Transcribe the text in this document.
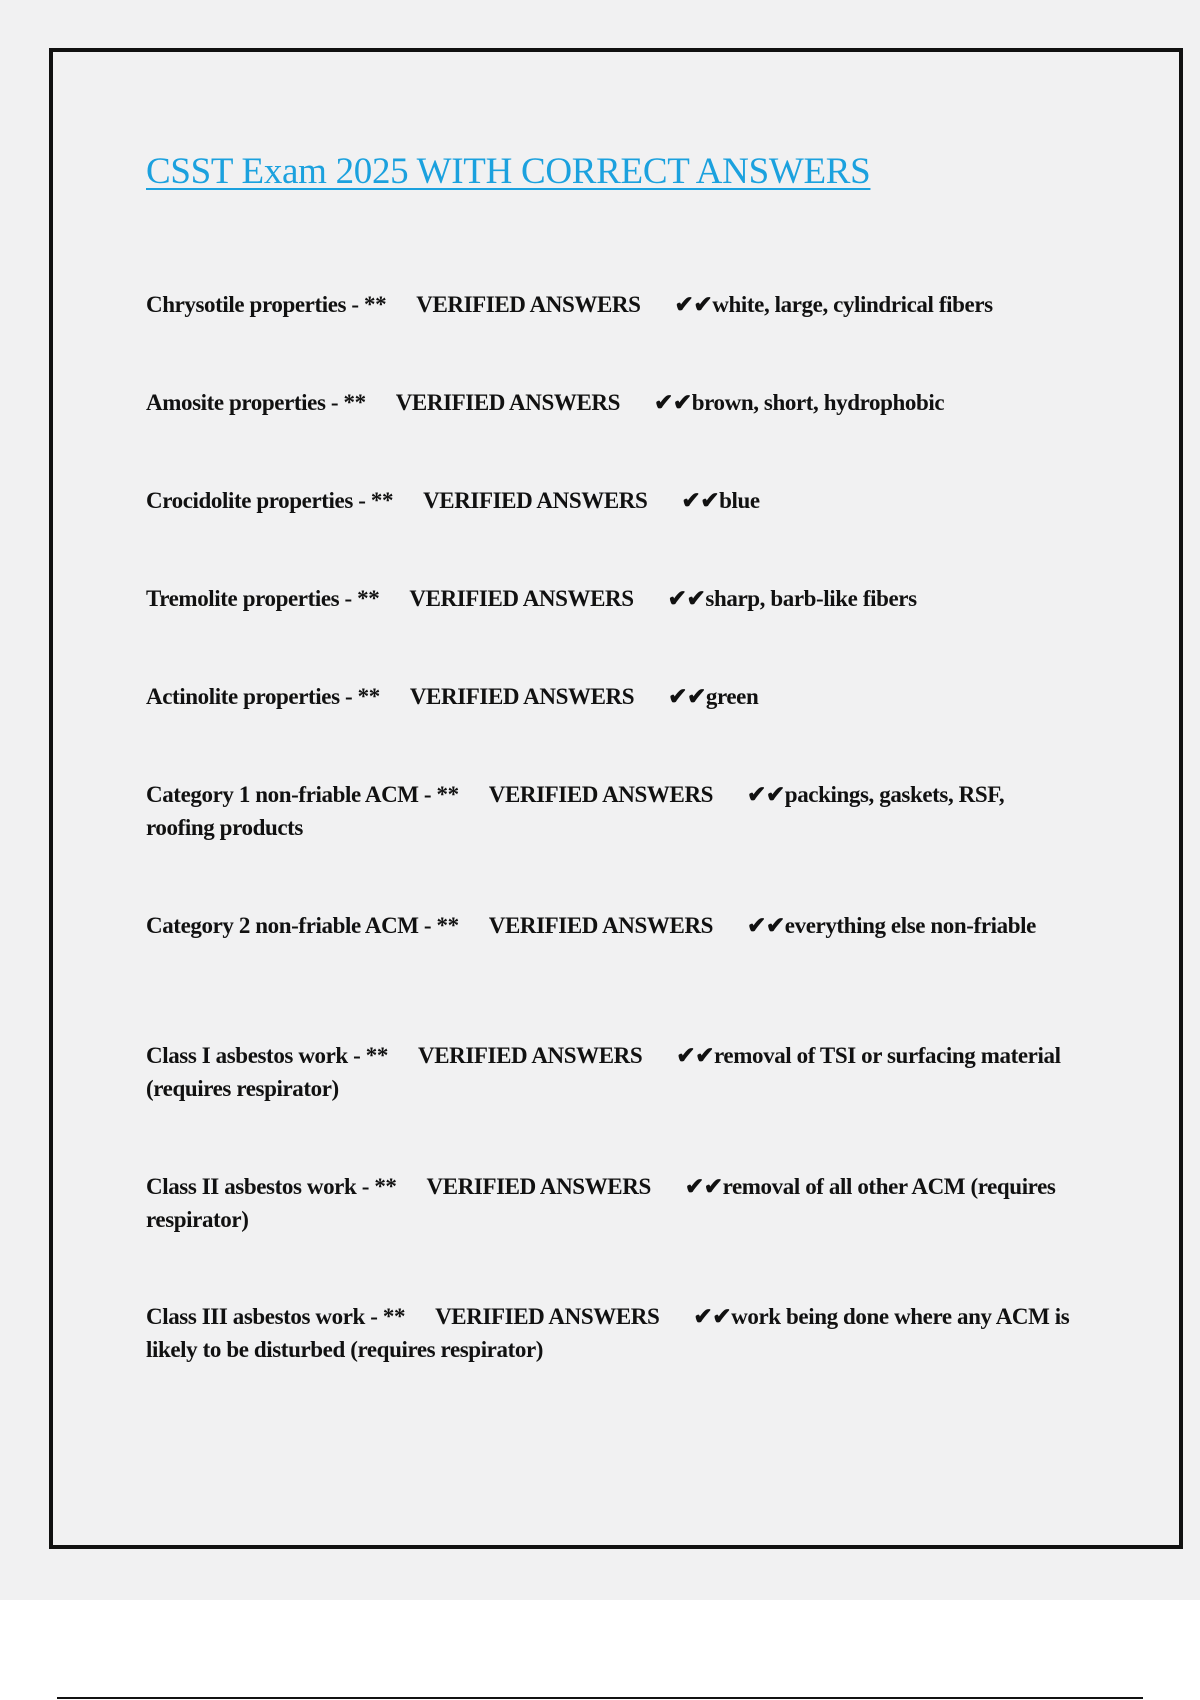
CSST Exam 2025 WITH CORRECT ANSWERS
Chrysotile properties - ** VERIFIED ANSWERS ✔✔white, large, cylindrical fibers
Amosite properties - ** VERIFIED ANSWERS ✔✔brown, short, hydrophobic
Crocidolite properties - ** VERIFIED ANSWERS ✔✔blue
Tremolite properties - ** VERIFIED ANSWERS ✔✔sharp, barb-like fibers
Actinolite properties - ** VERIFIED ANSWERS ✔✔green
Category 1 non-friable ACM - ** VERIFIED ANSWERS ✔✔packings, gaskets, RSF, roofing products
Category 2 non-friable ACM - ** VERIFIED ANSWERS ✔✔everything else non-friable
Class I asbestos work - ** VERIFIED ANSWERS ✔✔removal of TSI or surfacing material (requires respirator)
Class II asbestos work - ** VERIFIED ANSWERS ✔✔removal of all other ACM (requires respirator)
Class III asbestos work - ** VERIFIED ANSWERS ✔✔work being done where any ACM is likely to be disturbed (requires respirator)
